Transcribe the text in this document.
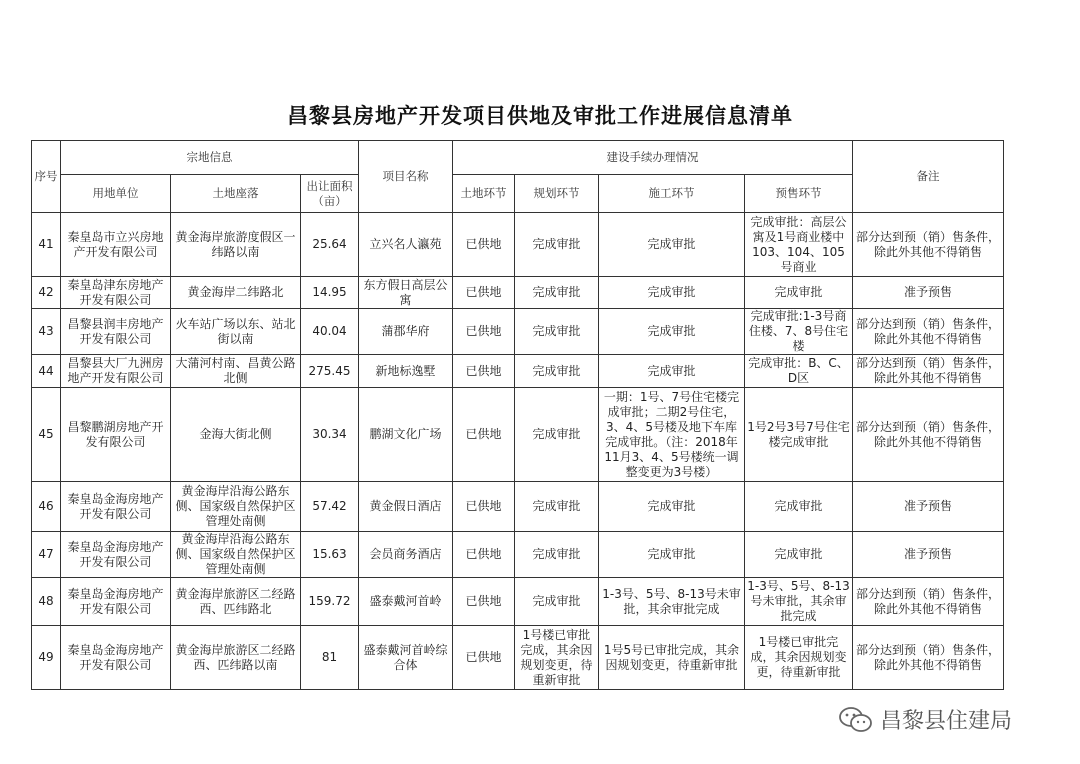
昌黎县房地产开发项目供地及审批工作进展信息清单
序号	宗地信息			项目名称	建设手续办理情况				备注
	用地单位	土地座落	出让面积（亩）		土地环节	规划环节	施工环节	预售环节	
41	秦皇岛市立兴房地产开发有限公司	黄金海岸旅游度假区一纬路以南	25.64	立兴名人瀛苑	已供地	完成审批	完成审批	完成审批：高层公寓及1号商业楼中103、104、105号商业	部分达到预（销）售条件，除此外其他不得销售
42	秦皇岛津东房地产开发有限公司	黄金海岸二纬路北	14.95	东方假日高层公寓	已供地	完成审批	完成审批	完成审批	准予预售
43	昌黎县润丰房地产开发有限公司	火车站广场以东、站北街以南	40.04	蒲郡华府	已供地	完成审批	完成审批	完成审批:1-3号商住楼、7、8号住宅楼	部分达到预（销）售条件，除此外其他不得销售
44	昌黎县大厂九洲房地产开发有限公司	大蒲河村南、昌黄公路北侧	275.45	新地标逸墅	已供地	完成审批	完成审批	完成审批：B、C、D区	部分达到预（销）售条件，除此外其他不得销售
45	昌黎鹏湖房地产开发有限公司	金海大街北侧	30.34	鹏湖文化广场	已供地	完成审批	一期：1号、7号住宅楼完成审批；二期2号住宅，3、4、5号楼及地下车库完成审批。（注：2018年11月3、4、5号楼统一调整变更为3号楼）	1号2号3号7号住宅楼完成审批	部分达到预（销）售条件，除此外其他不得销售
46	秦皇岛金海房地产开发有限公司	黄金海岸沿海公路东侧、国家级自然保护区管理处南侧	57.42	黄金假日酒店	已供地	完成审批	完成审批	完成审批	准予预售
47	秦皇岛金海房地产开发有限公司	黄金海岸沿海公路东侧、国家级自然保护区管理处南侧	15.63	会员商务酒店	已供地	完成审批	完成审批	完成审批	准予预售
48	秦皇岛金海房地产开发有限公司	黄金海岸旅游区二经路西、匹纬路北	159.72	盛泰戴河首岭	已供地	完成审批	1-3号、5号、8-13号未审批，其余审批完成	1-3号、5号、8-13号未审批，其余审批完成	部分达到预（销）售条件，除此外其他不得销售
49	秦皇岛金海房地产开发有限公司	黄金海岸旅游区二经路西、匹纬路以南	81	盛泰戴河首岭综合体	已供地	1号楼已审批完成，其余因规划变更，待重新审批	1号5号已审批完成，其余因规划变更，待重新审批	1号楼已审批完成，其余因规划变更，待重新审批	部分达到预（销）售条件，除此外其他不得销售
昌黎县住建局
